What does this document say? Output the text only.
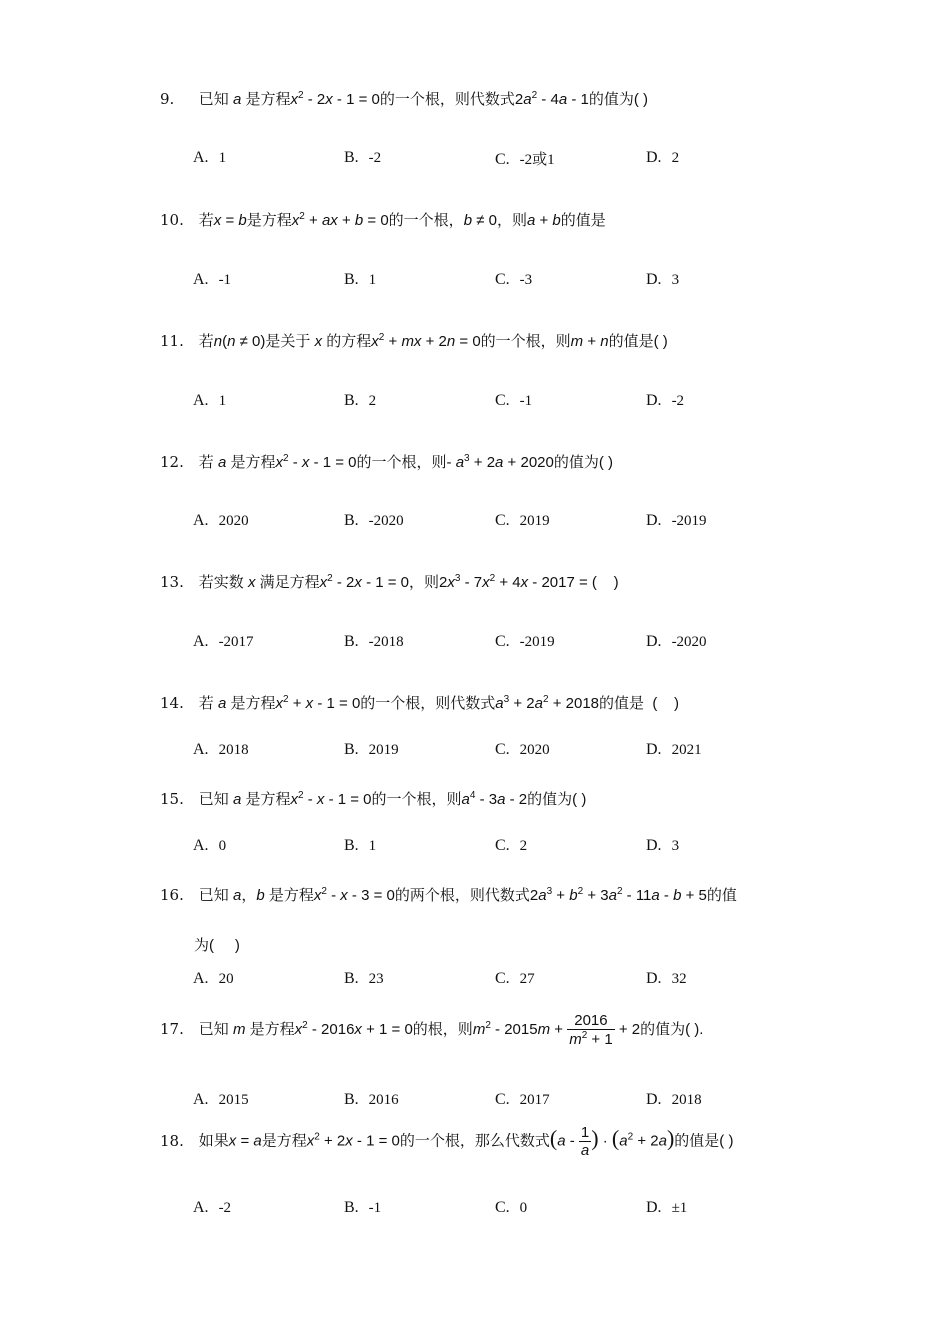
9. 已知 a 是方程$x^2 - 2x - 1 = 0$的一个根，则代数式$2a^2 - 4a - 1$的值为( )
A. 1	B. -2	C. -2或1	D. 2
10. 若x = b是方程$x^2$ + ax + b = 0的一个根，b ≠ 0，则a + b的值是
A. -1	B. 1	C. -3	D. 3
11. 若n(n ≠ 0)是关于 x 的方程$x^2$ + mx + 2n = 0的一个根，则m + n的值是( )
A. 1	B. 2	C. -1	D. -2
12. 若 a 是方程$x^2 - x - 1 = 0$的一个根，则- $a^3 + 2a + 2020$的值为( )
A. 2020	B. -2020	C. 2019	D. -2019
13. 若实数 x 满足方程$x^2 - 2x - 1 = 0$，则$2x^3 - 7x^2 + 4x - 2017$ = (    )
A. -2017	B. -2018	C. -2019	D. -2020
14. 若 a 是方程$x^2 + x - 1 = 0$的一个根，则代数式$a^3 + 2a^2 + 2018$的值是  (    )
A. 2018	B. 2019	C. 2020	D. 2021
15. 已知 a 是方程$x^2 - x - 1 = 0$的一个根，则$a^4 - 3a - 2$的值为( )
A. 0	B. 1	C. 2	D. 3
16. 已知 a，b 是方程$x^2 - x - 3 = 0$的两个根，则代数式$2a^3 + b^2 + 3a^2 - 11a - b + 5$的值
为(     )
A. 20	B. 23	C. 27	D. 32
17. 已知 m 是方程$x^2 - 2016x + 1 = 0$的根，则$m^2 - 2015m + \frac{2016}{m^2 + 1} + 2$的值为( ).
A. 2015	B. 2016	C. 2017	D. 2018
18. 如果x = a是方程$x^2 + 2x - 1 = 0$的一个根，那么代数式($a - \frac{1}{a}$ ) · $(a^2 + 2a)$的值是( )
A. -2	B. -1	C. 0	D. ±1
